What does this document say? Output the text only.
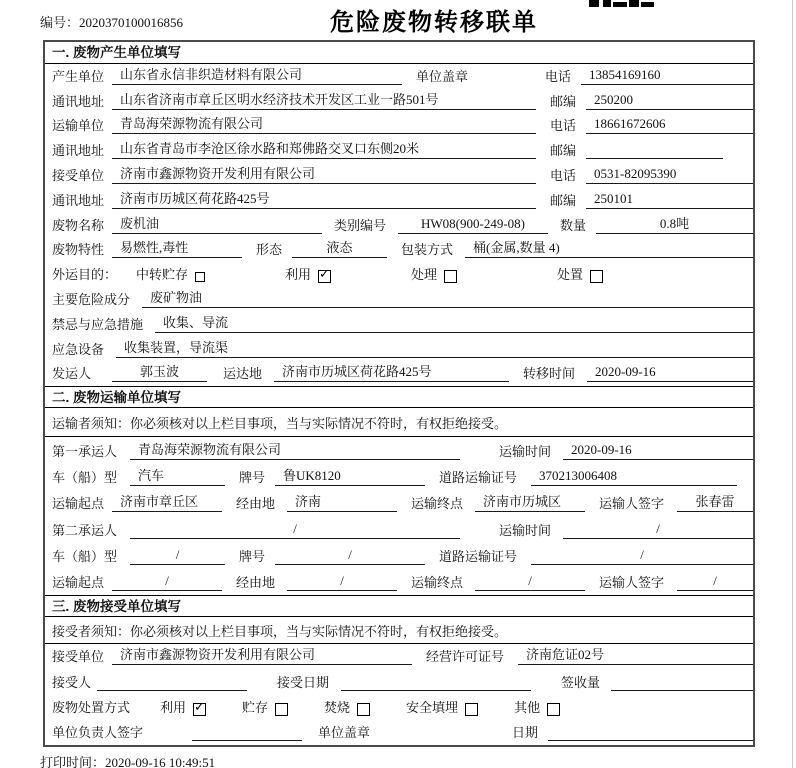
编号：2020370100016856	危险废物转移联单
一. 废物产生单位填写
产生单位	山东省永信非织造材料有限公司	单位盖章	电话	13854169160
通讯地址	山东省济南市章丘区明水经济技术开发区工业一路501号	邮编	250200
运输单位	青岛海荣源物流有限公司	电话	18661672606
通讯地址	山东省青岛市李沧区徐水路和郑佛路交叉口东侧20米	邮编
接受单位	济南市鑫源物资开发利用有限公司	电话	0531-82095390
通讯地址	济南市历城区荷花路425号	邮编	250101
废物名称	废机油	类别编号	HW08(900-249-08)	数量	0.8吨
废物特性	易燃性,毒性	形态	液态	包装方式	桶(金属,数量 4)
外运目的：	中转贮存	利用 ✓	处理	处置
主要危险成分	废矿物油
禁忌与应急措施	收集、导流
应急设备	收集装置，导流渠
发运人	郭玉波	运达地	济南市历城区荷花路425号	转移时间	2020-09-16
二. 废物运输单位填写
运输者须知：你必须核对以上栏目事项，当与实际情况不符时，有权拒绝接受。
第一承运人	青岛海荣源物流有限公司	运输时间	2020-09-16
车（船）型	汽车	牌号	鲁UK8120	道路运输证号	370213006408
运输起点	济南市章丘区	经由地	济南	运输终点	济南市历城区	运输人签字	张春雷
第二承运人	/	运输时间	/
车（船）型	/	牌号	/	道路运输证号	/
运输起点	/	经由地	/	运输终点	/	运输人签字	/
三. 废物接受单位填写
接受者须知：你必须核对以上栏目事项，当与实际情况不符时，有权拒绝接受。
接受单位	济南市鑫源物资开发利用有限公司	经营许可证号	济南危证02号
接受人	接受日期	签收量
废物处置方式	利用 ✓	贮存	焚烧	安全填埋	其他
单位负责人签字	单位盖章	日期
打印时间：2020-09-16 10:49:51
